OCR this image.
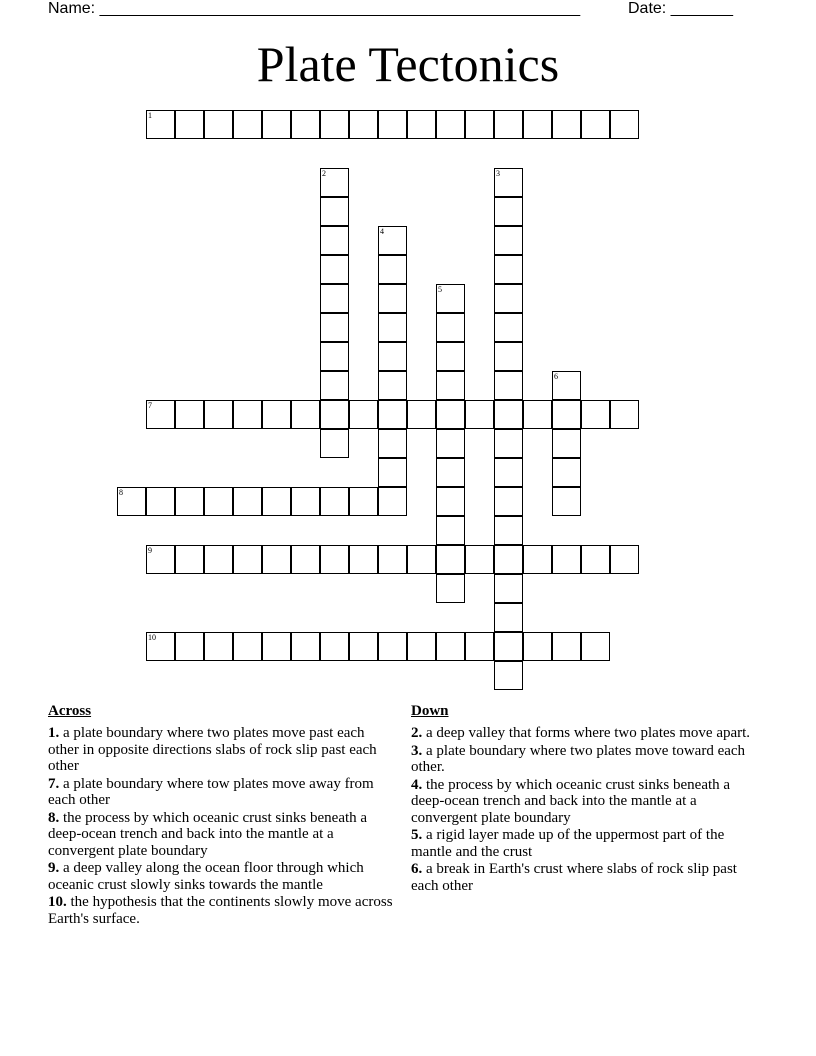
Name: ______________________________________________________	Date: _______
Plate Tectonics
1
2	3
4
5
6
7
8
9
10
Across
1. a plate boundary where two plates move past each other in opposite directions slabs of rock slip past each other
7. a plate boundary where tow plates move away from each other
8. the process by which oceanic crust sinks beneath a deep-ocean trench and back into the mantle at a convergent plate boundary
9. a deep valley along the ocean floor through which oceanic crust slowly sinks towards the mantle
10. the hypothesis that the continents slowly move across Earth's surface.
Down
2. a deep valley that forms where two plates move apart.
3. a plate boundary where two plates move toward each other.
4. the process by which oceanic crust sinks beneath a deep-ocean trench and back into the mantle at a convergent plate boundary
5. a rigid layer made up of the uppermost part of the mantle and the crust
6. a break in Earth's crust where slabs of rock slip past each other
